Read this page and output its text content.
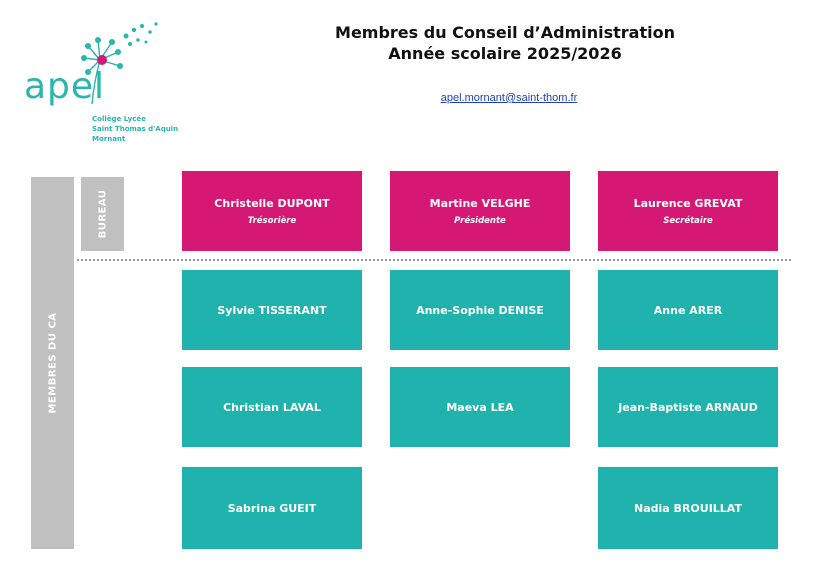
apel
Collège Lycée
Saint Thomas d'Aquin
Mornant
Membres du Conseil d’Administration
Année scolaire 2025/2026
apel.mornant@saint-thom.fr
MEMBRES DU CA
BUREAU	Christelle DUPONT
Trésorière
Martine VELGHE
Présidente
Laurence GREVAT
Secrétaire
Sylvie TISSERANT	Anne-Sophie DENISE	Anne ARER
Christian LAVAL	Maeva LEA	Jean-Baptiste ARNAUD
Sabrina GUEIT	Nadia BROUILLAT
